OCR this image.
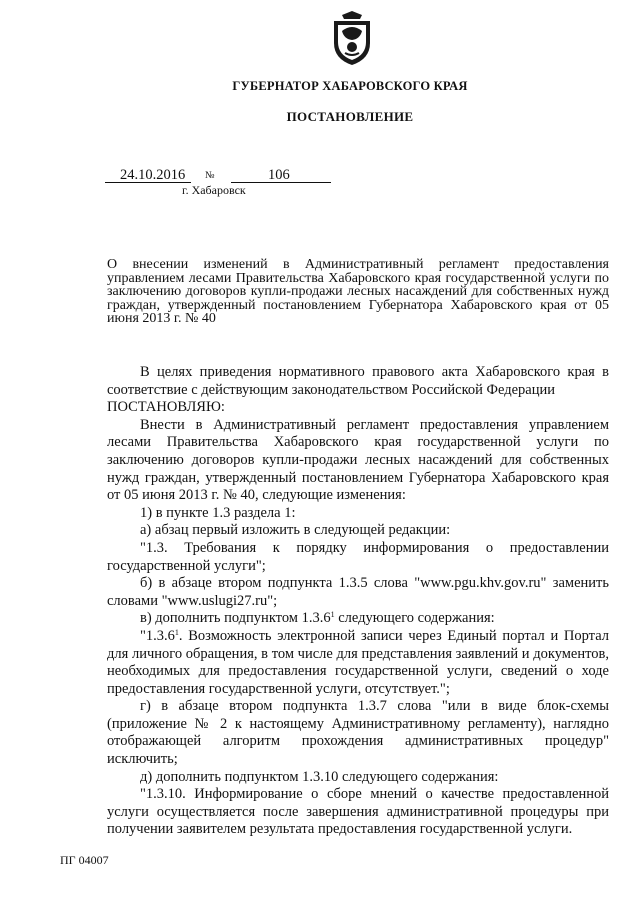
ГУБЕРНАТОР ХАБАРОВСКОГО КРАЯ
ПОСТАНОВЛЕНИЕ
24.10.2016 №	106
г. Хабаровск
О внесении изменений в Административный регламент предоставления управлением лесами Правительства Хабаровского края государственной услуги по заключению договоров купли-продажи лесных насаждений для собственных нужд граждан, утвержденный постановлением Губернатора Хабаровского края от 05 июня 2013 г. № 40

В целях приведения нормативного правового акта Хабаровского края в соответствие с действующим законодательством Российской Федерации

ПОСТАНОВЛЯЮ:

Внести в Административный регламент предоставления управлением лесами Правительства Хабаровского края государственной услуги по заключению договоров купли-продажи лесных насаждений для собственных нужд граждан, утвержденный постановлением Губернатора Хабаровского края от 05 июня 2013 г. № 40, следующие изменения:

1) в пункте 1.3 раздела 1:

а) абзац первый изложить в следующей редакции:

"1.3. Требования к порядку информирования о предоставлении государственной услуги";

б) в абзаце втором подпункта 1.3.5 слова "www.pgu.khv.gov.ru" заменить словами "www.uslugi27.ru";

в) дополнить подпунктом 1.3.6$^1$ следующего содержания:

"1.3.6$^1$. Возможность электронной записи через Единый портал и Портал для личного обращения, в том числе для представления заявлений и документов, необходимых для предоставления государственной услуги, сведений о ходе предоставления государственной услуги, отсутствует.";

г) в абзаце втором подпункта 1.3.7 слова "или в виде блок-схемы (приложение № 2 к настоящему Административному регламенту), наглядно отображающей алгоритм прохождения административных процедур" исключить;

д) дополнить подпунктом 1.3.10 следующего содержания:

"1.3.10. Информирование о сборе мнений о качестве предоставленной услуги осуществляется после завершения административной процедуры при получении заявителем результата предоставления государственной услуги.

ПГ 04007
